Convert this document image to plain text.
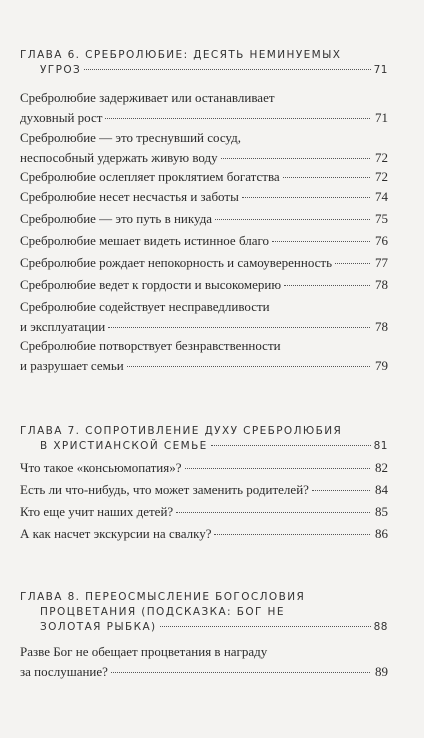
ГЛАВА 6. СРЕБРОЛЮБИЕ: ДЕСЯТЬ НЕМИНУЕМЫХ
УГРОЗ	71
Сребролюбие задерживает или останавливает
духовный рост	71
Сребролюбие — это треснувший сосуд,
неспособный удержать живую воду	72
Сребролюбие ослепляет проклятием богатства	72
Сребролюбие несет несчастья и заботы	74
Сребролюбие — это путь в никуда	75
Сребролюбие мешает видеть истинное благо	76
Сребролюбие рождает непокорность и самоуверенность	77
Сребролюбие ведет к гордости и высокомерию	78
Сребролюбие содействует несправедливости
и эксплуатации	78
Сребролюбие потворствует безнравственности
и разрушает семьи	79
ГЛАВА 7. СОПРОТИВЛЕНИЕ ДУХУ СРЕБРОЛЮБИЯ
В ХРИСТИАНСКОЙ СЕМЬЕ	81
Что такое «консьюмопатия»?	82
Есть ли что-нибудь, что может заменить родителей?	84
Кто еще учит наших детей?	85
А как насчет экскурсии на свалку?	86
ГЛАВА 8. ПЕРЕОСМЫСЛЕНИЕ БОГОСЛОВИЯ
ПРОЦВЕТАНИЯ (ПОДСКАЗКА: БОГ НЕ
ЗОЛОТАЯ РЫБКА)	88
Разве Бог не обещает процветания в награду
за послушание?	89
